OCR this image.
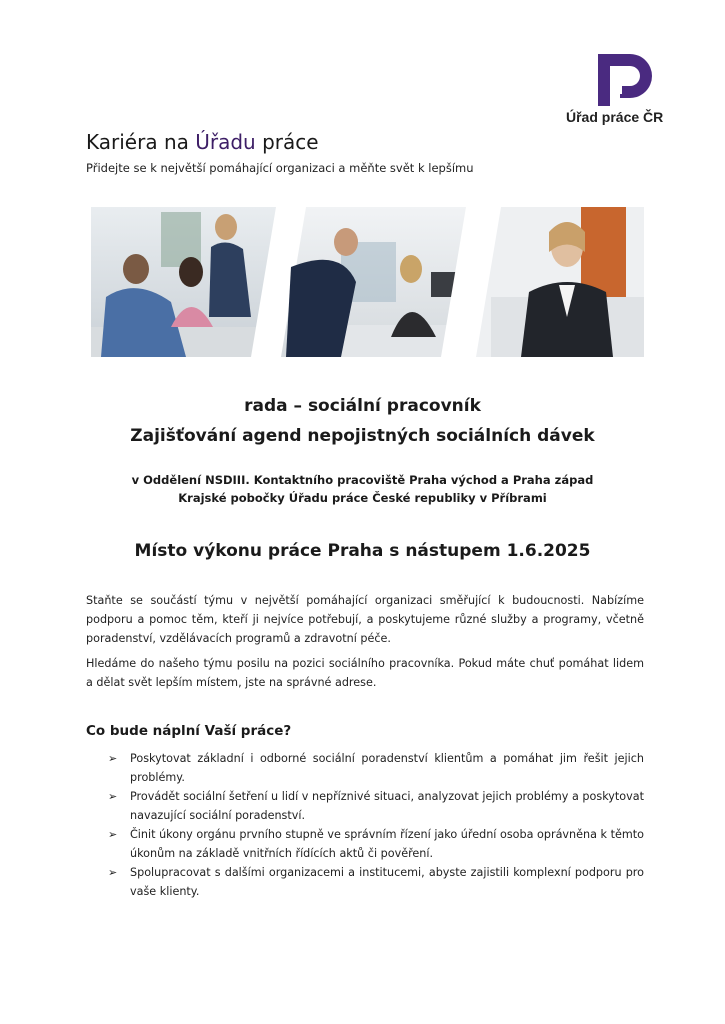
Úřad práce ČR
Kariéra na Úřadu práce
Přidejte se k největší pomáhající organizaci a měňte svět k lepšímu
rada – sociální pracovník
Zajišťování agend nepojistných sociálních dávek
v Oddělení NSDIII. Kontaktního pracoviště Praha východ a Praha západ
Krajské pobočky Úřadu práce České republiky v Příbrami
Místo výkonu práce Praha s nástupem 1.6.2025
Staňte se součástí týmu v největší pomáhající organizaci směřující k budoucnosti. Nabízíme podporu a pomoc těm, kteří ji nejvíce potřebují, a poskytujeme různé služby a programy, včetně poradenství, vzdělávacích programů a zdravotní péče.
Hledáme do našeho týmu posilu na pozici sociálního pracovníka. Pokud máte chuť pomáhat lidem a dělat svět lepším místem, jste na správné adrese.
Co bude náplní Vaší práce?
➢ Poskytovat základní i odborné sociální poradenství klientům a pomáhat jim řešit jejich problémy.
➢ Provádět sociální šetření u lidí v nepříznivé situaci, analyzovat jejich problémy a poskytovat navazující sociální poradenství.
➢ Činit úkony orgánu prvního stupně ve správním řízení jako úřední osoba oprávněna k těmto úkonům na základě vnitřních řídících aktů či pověření.
➢ Spolupracovat s dalšími organizacemi a institucemi, abyste zajistili komplexní podporu pro vaše klienty.
